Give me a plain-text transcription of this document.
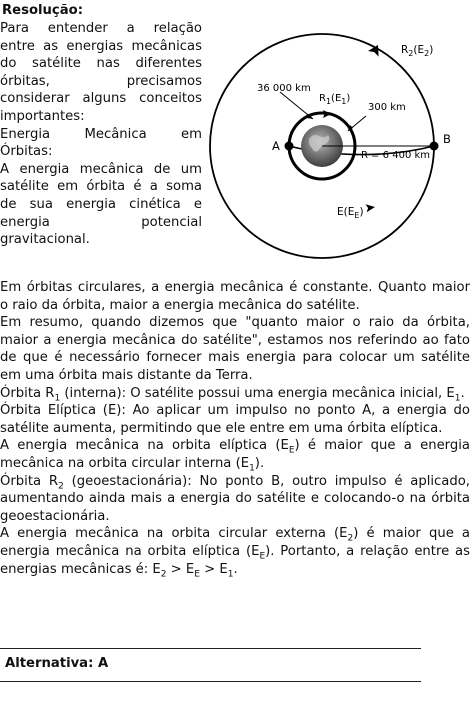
Resolução:

Para entender a relação

entre as energias mecânicas

do satélite nas diferentes

órbitas, precisamos

considerar alguns conceitos

importantes:

Energia Mecânica em

Órbitas:

A energia mecânica de um

satélite em órbita é a soma

de sua energia cinética e

energia potencial

gravitacional.

$R_2(E_2)$
36 000 km
$R_1(E_1)$
300 km
R = 6 400 km
A	B
$E(E_E)$

Em órbitas circulares, a energia mecânica é constante. Quanto maior o raio da órbita, maior a energia mecânica do satélite.

Em resumo, quando dizemos que "quanto maior o raio da órbita, maior a energia mecânica do satélite", estamos nos referindo ao fato de que é necessário fornecer mais energia para colocar um satélite em uma órbita mais distante da Terra.

Órbita $R_1$ (interna): O satélite possui uma energia mecânica inicial, $E_1$.

Órbita Elíptica (E): Ao aplicar um impulso no ponto A, a energia do satélite aumenta, permitindo que ele entre em uma órbita elíptica.

A energia mecânica na orbita elíptica $(E_E)$ é maior que a energia mecânica na orbita circular interna $(E_1)$.

Órbita $R_2$ (geoestacionária): No ponto B, outro impulso é aplicado, aumentando ainda mais a energia do satélite e colocando-o na órbita geoestacionária.

A energia mecânica na orbita circular externa $(E_2)$ é maior que a energia mecânica na orbita elíptica $(E_E)$. Portanto, a relação entre as energias mecânicas é: $E_2 > E_E > E_1$.

Alternativa: A
